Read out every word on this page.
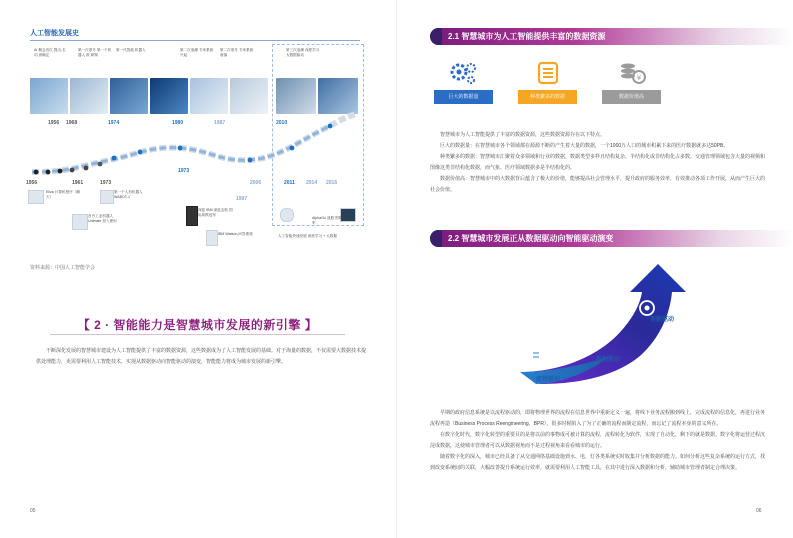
人工智能发展史
AI 概念首次 提出,名词 被确定
第一次寒冬 第一个机器人 被 研制
第一代智能 机器人	第二次浪潮 专家系统兴起
第二次寒冬 专家系统衰落
第三次浪潮 深度学习 大数据驱动
1956 1968	1974	1980	1987	2010
1956	1961	1973
1997
2006	2011 2014 2016
1973
Eliza 计算机程序（聊天）
首台工业机器人 Unimate 投入使用
第一个人形机器人 WABOT-1
深蓝 IBM 深蓝击败 国际象棋冠军
IBM Watson 问答系统
AlphaGo 战胜 围棋冠军
人工智能快速发展 深度学习 + 大数据
资料来源：中国人工智能学会
【 2 · 智能能力是智慧城市发展的新引擎 】
不断深化发展的智慧城市建设为人工智能提供了丰富的数据资源，这些数据成为了人工智能发展的基础。对于海量的数据，不仅需要大数据技术提供处理能力，更需要利用人工智能技术，实现从数据驱动向智能驱动的演变，智能能力将成为城市发展的新引擎。
05
2.1 智慧城市为人工智能提供丰富的数据资源
巨大的数据量	种类繁多的数据
¥
数据价值高

智慧城市为人工智能提供了丰富的数据资源，这些数据资源存在以下特点。

巨大的数据量：在智慧城市各个领域都在源源不断的产生着大量的数据，一个1000万人口的城市积累下来的医疗数据就多达50PB。

种类繁多的数据：智慧城市汇聚着众多领域和行业的数据，数据类型多样且结构复杂，半结构化或非结构化占多数。交通管理领域包含大量的视频和图像这类非结构化数据，而气象、医疗领域数据多是半结构化的。

数据价值高：智慧城市中的大数据背后蕴含了极大的价值，能够提高社会管理水平，提升政府的服务效率，有效推动各项工作开展，从而产生巨大的社会价值。

2.2 智慧城市发展正从数据驱动向智能驱动演变
流程驱动
数据驱动
智能驱动

早期的政府信息系统是以流程驱动的，即将物理世界的流程在信息世界中重新定义一遍，将线下业务流程搬到线上，完成流程的信息化，再进行业务流程再造（Business Process Reengineering，BPR），很多时候陷入了为了正确的流程而制定流程，而忘记了流程本身的意义所在。

在数字化时代，数字化转型的重要目的是将以前的事物成可被计算的流程，流程转化为软件，实现了自动化，剩下的就是数据。数字化将运营过程沉淀成数据，这使城市管理者可以从数据视角而不是过程视角来看看城市的运行。

随着数字化的深入，城市已经具备了从交通网络基础设施到水、电、灯各类系统实时收集并分析数据的能力。如何分析这些复杂系统的运行方式，找到改变系统间的关联，大幅改善提升系统运行效率，就需要利用人工智能工具，在其中进行深入数据和分析，辅助城市管理者制定合理决策。

06
